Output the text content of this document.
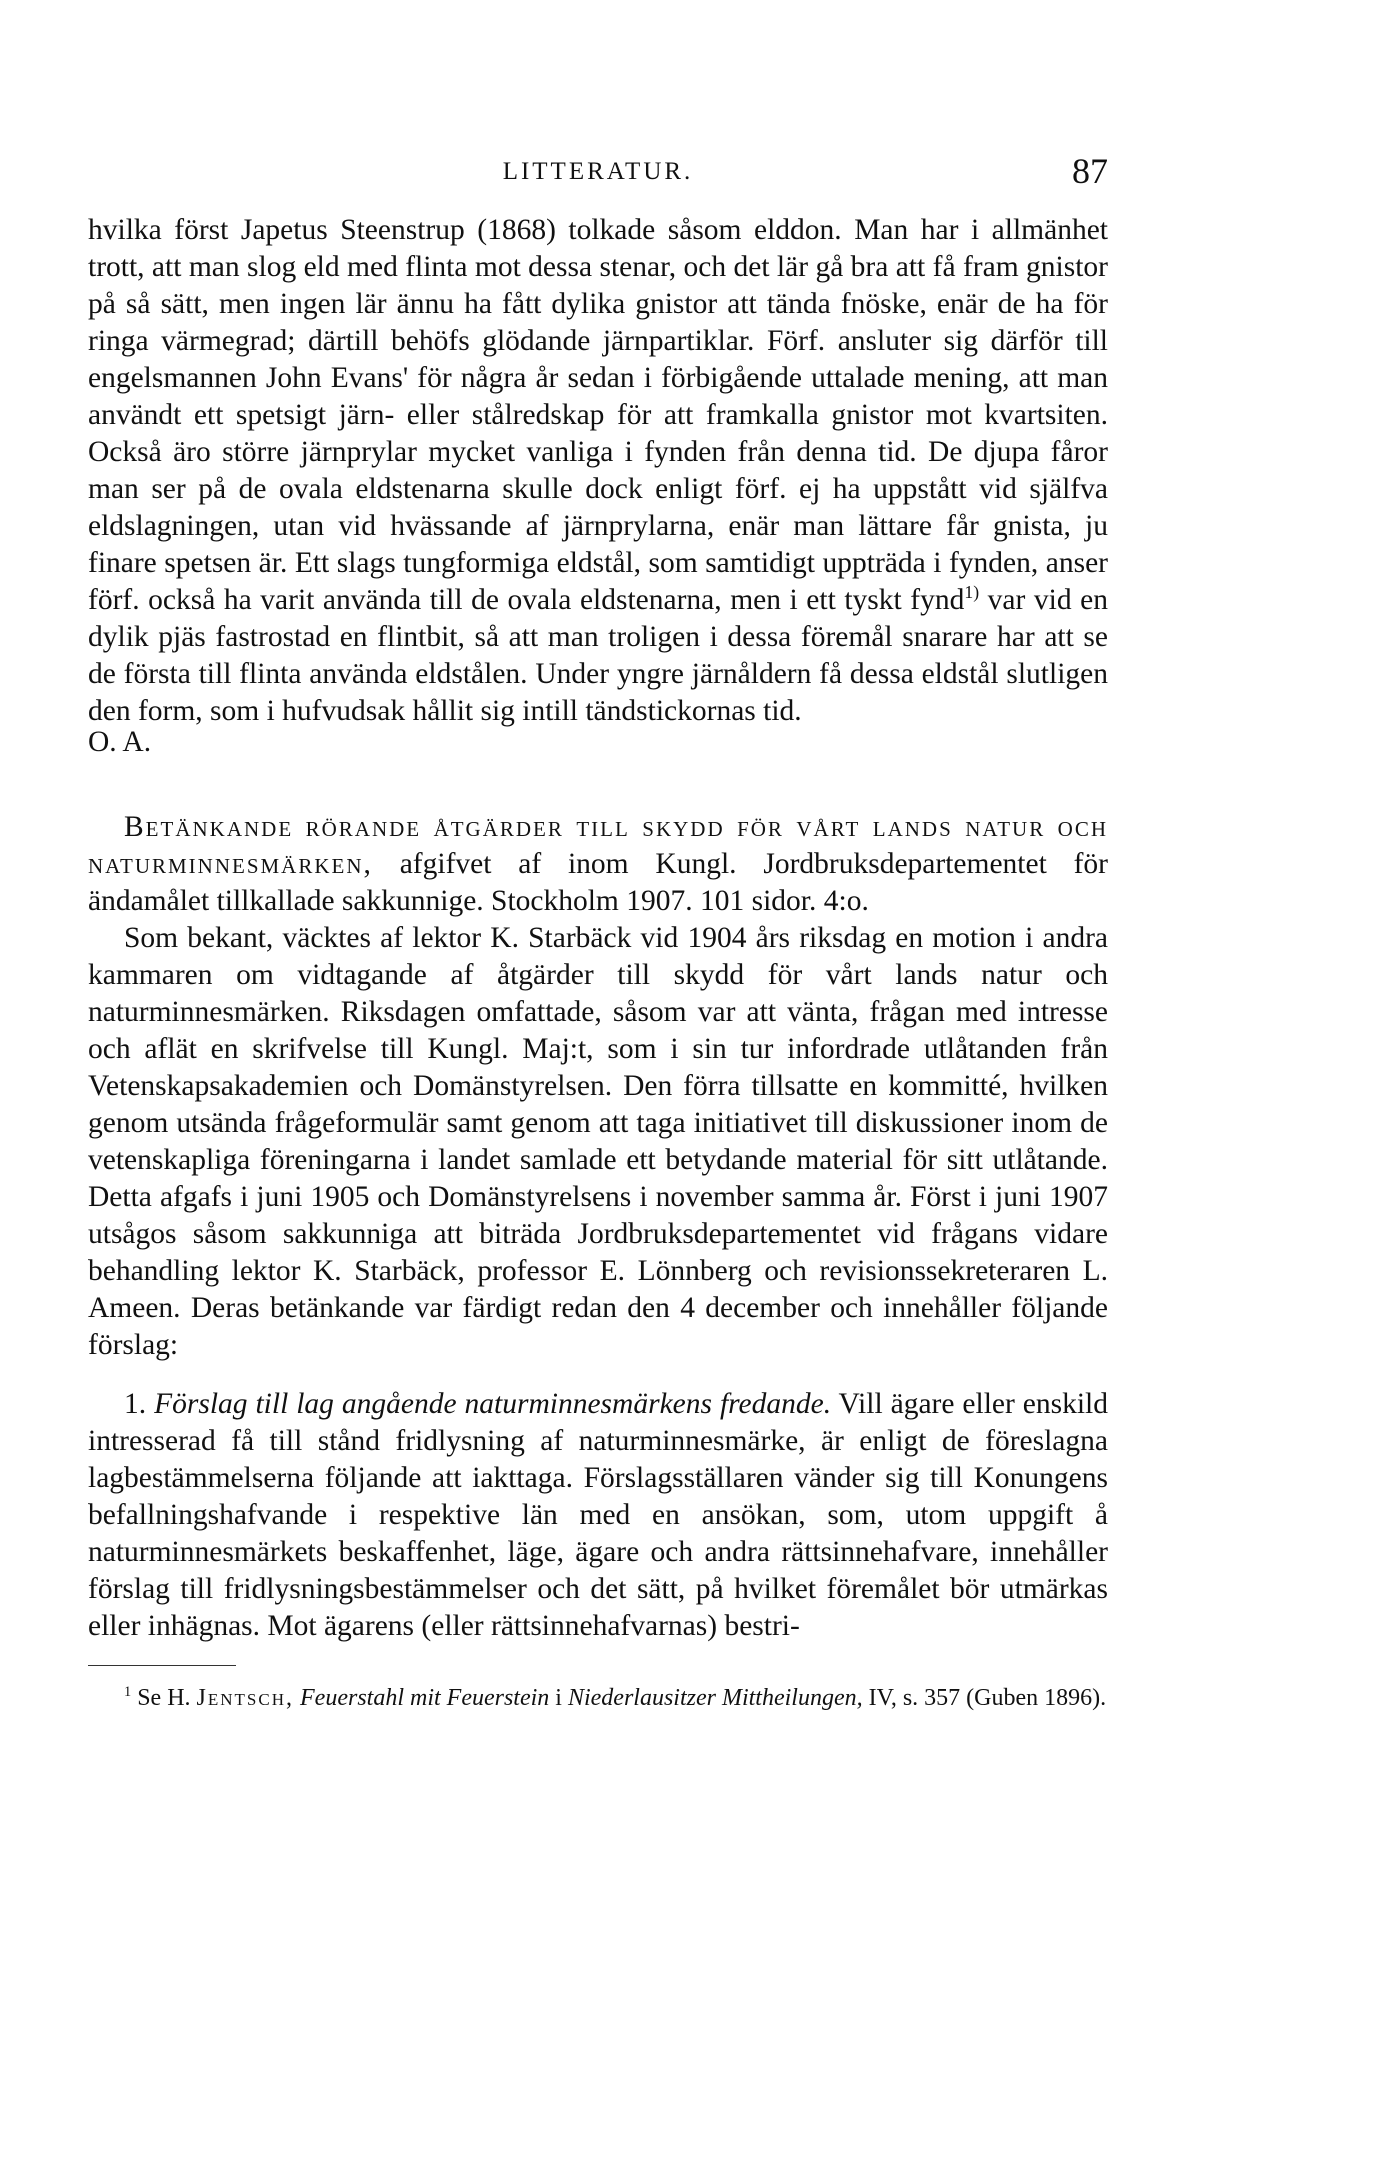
LITTERATUR.	87

hvilka först Japetus Steenstrup (1868) tolkade såsom elddon. Man har i allmänhet trott, att man slog eld med flinta mot dessa stenar, och det lär gå bra att få fram gnistor på så sätt, men ingen lär ännu ha fått dylika gnistor att tända fnöske, enär de ha för ringa värmegrad; därtill behöfs glödande järnpartiklar. Förf. ansluter sig därför till engelsmannen John Evans' för några år sedan i förbigående uttalade mening, att man användt ett spetsigt järn- eller stålredskap för att framkalla gnistor mot kvartsiten. Också äro större järnprylar mycket vanliga i fynden från denna tid. De djupa fåror man ser på de ovala eldstenarna skulle dock enligt förf. ej ha uppstått vid själfva eldslagningen, utan vid hvässande af järnprylarna, enär man lättare får gnista, ju finare spetsen är. Ett slags tungformiga eldstål, som samtidigt uppträda i fynden, anser förf. också ha varit använda till de ovala eldstenarna, men i ett tyskt fynd$^{1)}$ var vid en dylik pjäs fastrostad en flintbit, så att man troligen i dessa föremål snarare har att se de första till flinta använda eldstålen. Under yngre järnåldern få dessa eldstål slutligen den form, som i hufvudsak hållit sig intill tändstickornas tid.

O. A.

Betänkande rörande åtgärder till skydd för vårt lands natur och naturminnesmärken, afgifvet af inom Kungl. Jordbruksdepartementet för ändamålet tillkallade sakkunnige. Stockholm 1907. 101 sidor. 4:o.

Som bekant, väcktes af lektor K. Starbäck vid 1904 års riksdag en motion i andra kammaren om vidtagande af åtgärder till skydd för vårt lands natur och naturminnesmärken. Riksdagen omfattade, såsom var att vänta, frågan med intresse och aflät en skrifvelse till Kungl. Maj:t, som i sin tur infordrade utlåtanden från Vetenskapsakademien och Domänstyrelsen. Den förra tillsatte en kommitté, hvilken genom utsända frågeformulär samt genom att taga initiativet till diskussioner inom de vetenskapliga föreningarna i landet samlade ett betydande material för sitt utlåtande. Detta afgafs i juni 1905 och Domänstyrelsens i november samma år. Först i juni 1907 utsågos såsom sakkunniga att biträda Jordbruksdepartementet vid frågans vidare behandling lektor K. Starbäck, professor E. Lönnberg och revisionssekreteraren L. Ameen. Deras betänkande var färdigt redan den 4 december och innehåller följande förslag:

1. Förslag till lag angående naturminnesmärkens fredande. Vill ägare eller enskild intresserad få till stånd fridlysning af naturminnesmärke, är enligt de föreslagna lagbestämmelserna följande att iakttaga. Förslagsställaren vänder sig till Konungens befallningshafvande i respektive län med en ansökan, som, utom uppgift å naturminnesmärkets beskaffenhet, läge, ägare och andra rättsinnehafvare, innehåller förslag till fridlysningsbestämmelser och det sätt, på hvilket föremålet bör utmärkas eller inhägnas. Mot ägarens (eller rättsinnehafvarnas) bestri-

$^1$ Se H. Jentsch, Feuerstahl mit Feuerstein i Niederlausitzer Mittheilungen, IV, s. 357 (Guben 1896).
